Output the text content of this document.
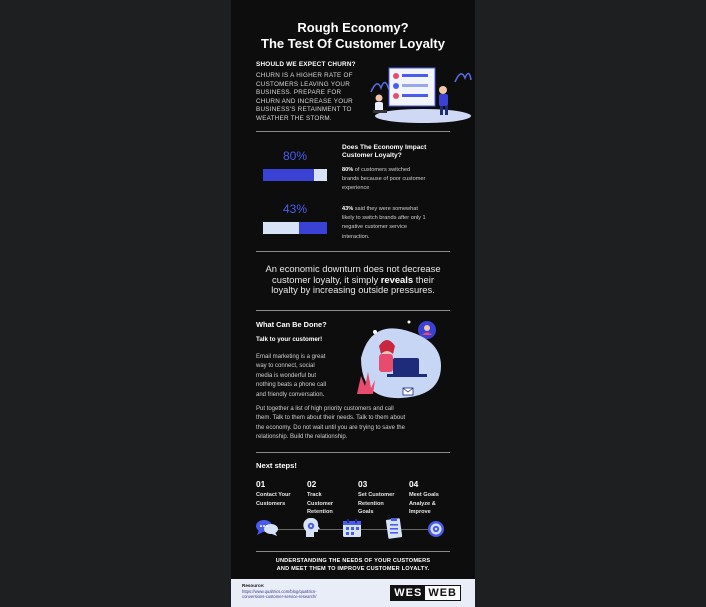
Rough Economy?
The Test Of Customer Loyalty
SHOULD WE EXPECT CHURN?
CHURN IS A HIGHER RATE OF
CUSTOMERS LEAVING YOUR
BUSINESS. PREPARE FOR
CHURN AND INCREASE YOUR
BUSINESS'S RETAINMENT TO
WEATHER THE STORM.
80%
43%
Does The Economy Impact
Customer Loyalty?
80% of customers switched
brands because of poor customer
experience
43% said they were somewhat
likely to switch brands after only 1
negative customer service
interaction.
An economic downturn does not decrease
customer loyalty, it simply reveals their
loyalty by increasing outside pressures.
What Can Be Done?
Talk to your customer!
Email marketing is a great
way to connect, social
media is wonderful but
nothing beats a phone call
and friendly conversation.
Put together a list of high priority customers and call
them. Talk to them about their needs. Talk to them about
the economy. Do not wait until you are trying to save the
relationship. Build the relationship.
Next steps!
01
Contact Your
Customers
02
Track
Customer
Retention
03
Set Customer
Retention
Goals
04
Meet Goals
Analyze &
Improve
UNDERSTANDING THE NEEDS OF YOUR CUSTOMERS
AND MEET THEM TO IMPROVE CUSTOMER LOYALTY.
Resource:
https://www.qualtrics.com/blog/qualtrics-
conversions-customer-service-research/	WES WEB
